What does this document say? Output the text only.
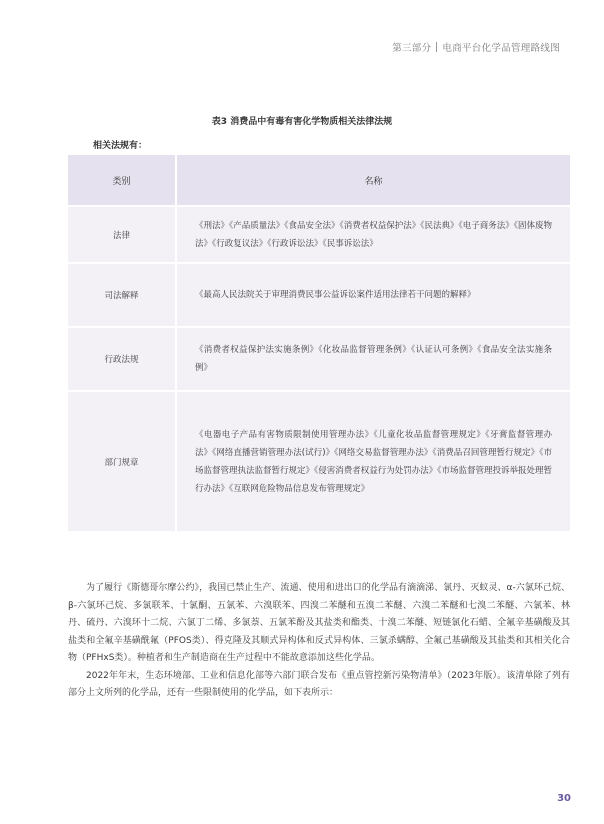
第三部分 电商平台化学品管理路线图
表3 消费品中有毒有害化学物质相关法律法规
相关法规有：
类别	名称
法律	《刑法》《产品质量法》《食品安全法》《消费者权益保护法》《民法典》《电子商务法》《固体废物法》《行政复议法》《行政诉讼法》《民事诉讼法》
司法解释	《最高人民法院关于审理消费民事公益诉讼案件适用法律若干问题的解释》
行政法规	《消费者权益保护法实施条例》《化妆品监督管理条例》《认证认可条例》《食品安全法实施条例》
部门规章	《电器电子产品有害物质限制使用管理办法》《儿童化妆品监督管理规定》《牙膏监督管理办法》《网络直播营销管理办法(试行)》《网络交易监督管理办法》《消费品召回管理暂行规定》《市场监督管理执法监督暂行规定》《侵害消费者权益行为处罚办法》《市场监督管理投诉举报处理暂行办法》《互联网危险物品信息发布管理规定》

为了履行《斯德哥尔摩公约》，我国已禁止生产、流通、使用和进出口的化学品有滴滴涕、氯丹、灭蚁灵、α-六氯环己烷、β-六氯环己烷、多氯联苯、十氯酮、五氯苯、六溴联苯、四溴二苯醚和五溴二苯醚、六溴二苯醚和七溴二苯醚、六氯苯、林丹、硫丹、六溴环十二烷、六氯丁二烯、多氯萘、五氯苯酚及其盐类和酯类、十溴二苯醚、短链氯化石蜡、全氟辛基磺酸及其盐类和全氟辛基磺酰氟（PFOS类）、得克隆及其顺式异构体和反式异构体、三氯杀螨醇、全氟己基磺酸及其盐类和其相关化合物（PFHxS类）。种植者和生产制造商在生产过程中不能故意添加这些化学品。

2022年年末，生态环境部、工业和信息化部等六部门联合发布《重点管控新污染物清单》（2023年版）。该清单除了列有部分上文所列的化学品，还有一些限制使用的化学品，如下表所示：

30
